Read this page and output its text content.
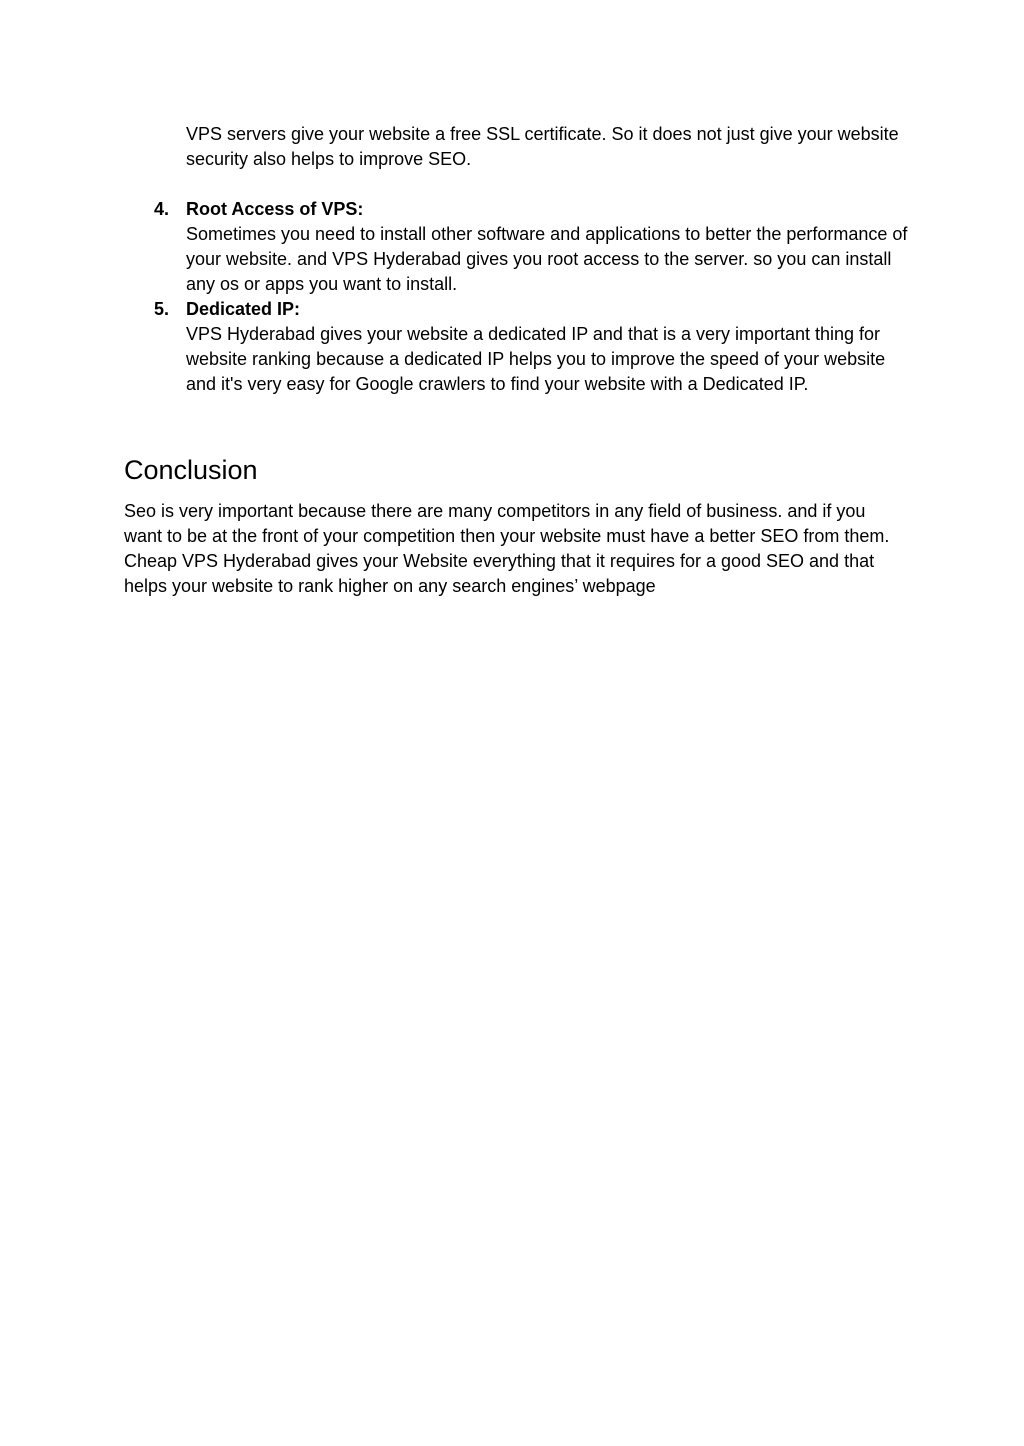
VPS servers give your website a free SSL certificate. So it does not just give your website security also helps to improve SEO.

4. Root Access of VPS:
Sometimes you need to install other software and applications to better the performance of your website. and VPS Hyderabad gives you root access to the server. so you can install any os or apps you want to install.
5. Dedicated IP:
VPS Hyderabad gives your website a dedicated IP and that is a very important thing for website ranking because a dedicated IP helps you to improve the speed of your website and it's very easy for Google crawlers to find your website with a Dedicated IP.
Conclusion

Seo is very important because there are many competitors in any field of business. and if you want to be at the front of your competition then your website must have a better SEO from them.

Cheap VPS Hyderabad gives your Website everything that it requires for a good SEO and that helps your website to rank higher on any search engines’ webpage
